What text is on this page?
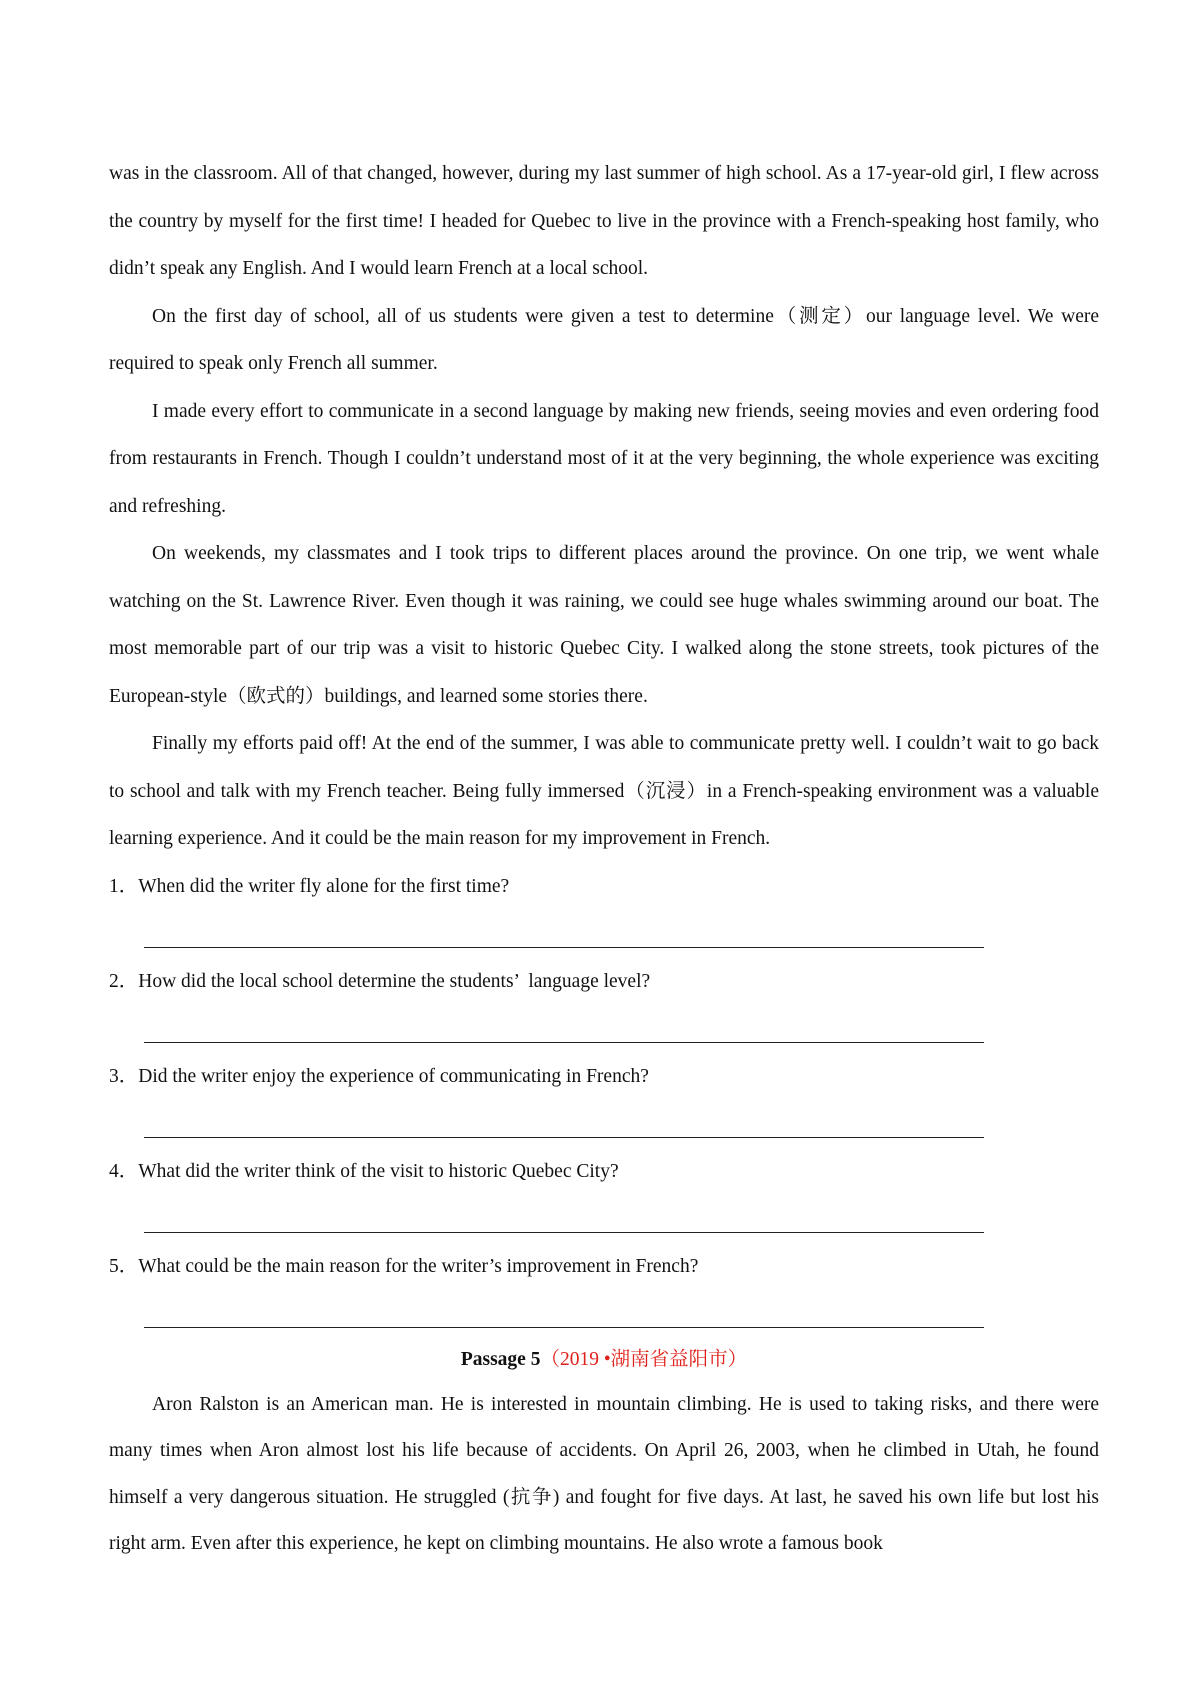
was in the classroom. All of that changed, however, during my last summer of high school. As a 17-year-old girl, I flew across the country by myself for the first time! I headed for Quebec to live in the province with a French-speaking host family, who didn’t speak any English. And I would learn French at a local school.

On the first day of school, all of us students were given a test to determine（测定）our language level. We were required to speak only French all summer.

I made every effort to communicate in a second language by making new friends, seeing movies and even ordering food from restaurants in French. Though I couldn’t understand most of it at the very beginning, the whole experience was exciting and refreshing.

On weekends, my classmates and I took trips to different places around the province. On one trip, we went whale watching on the St. Lawrence River. Even though it was raining, we could see huge whales swimming around our boat. The most memorable part of our trip was a visit to historic Quebec City. I walked along the stone streets, took pictures of the European-style（欧式的）buildings, and learned some stories there.

Finally my efforts paid off! At the end of the summer, I was able to communicate pretty well. I couldn’t wait to go back to school and talk with my French teacher. Being fully immersed（沉浸）in a French-speaking environment was a valuable learning experience. And it could be the main reason for my improvement in French.

1．When did the writer fly alone for the first time?

2．How did the local school determine the students’  language level?

3．Did the writer enjoy the experience of communicating in French?

4．What did the writer think of the visit to historic Quebec City?

5．What could be the main reason for the writer’s improvement in French?

Passage 5（2019 •湖南省益阳市）

Aron Ralston is an American man. He is interested in mountain climbing. He is used to taking risks, and there were many times when Aron almost lost his life because of accidents. On April 26, 2003, when he climbed in Utah, he found himself a very dangerous situation. He struggled (抗争) and fought for five days. At last, he saved his own life but lost his right arm. Even after this experience, he kept on climbing mountains. He also wrote a famous book
